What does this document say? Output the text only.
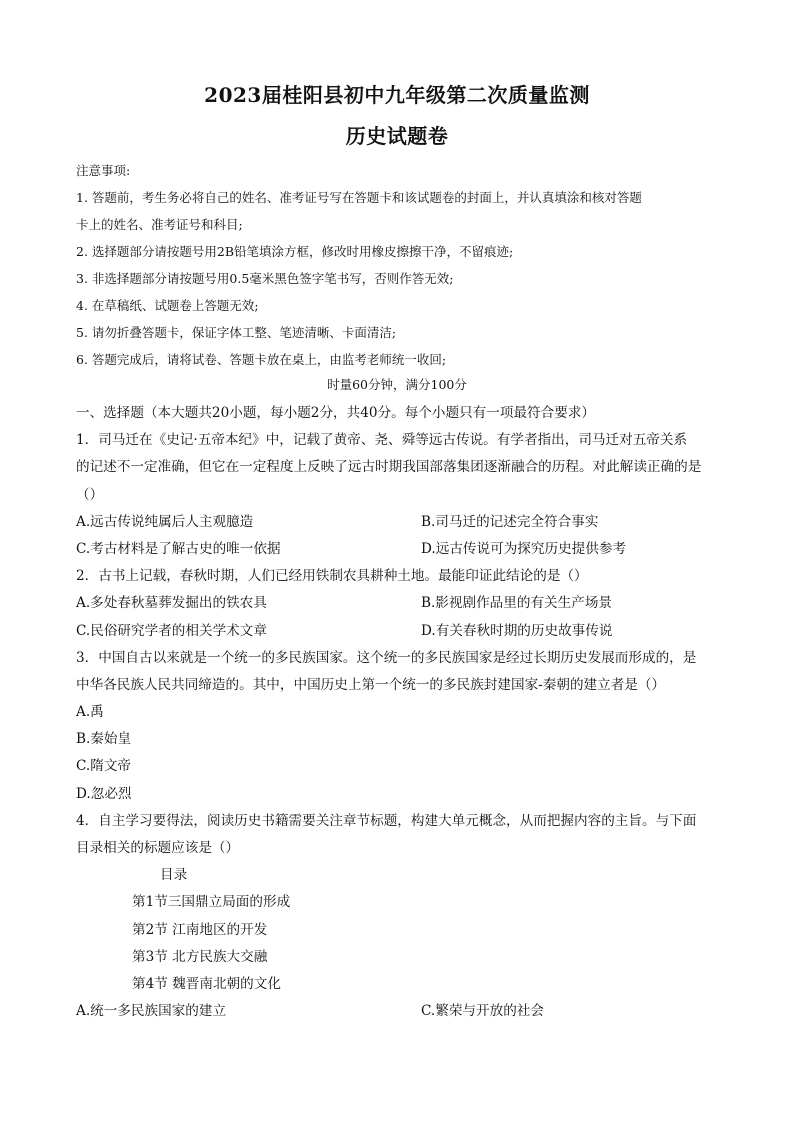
2023届桂阳县初中九年级第二次质量监测
历史试题卷
注意事项:
1. 答题前，考生务必将自己的姓名、准考证号写在答题卡和该试题卷的封面上，并认真填涂和核对答题
卡上的姓名、准考证号和科目;
2. 选择题部分请按题号用2B铅笔填涂方框，修改时用橡皮擦擦干净，不留痕迹;
3. 非选择题部分请按题号用0.5毫米黑色签字笔书写，否则作答无效;
4. 在草稿纸、试题卷上答题无效;
5. 请勿折叠答题卡，保证字体工整、笔迹清晰、卡面清洁;
6. 答题完成后，请将试卷、答题卡放在桌上，由监考老师统一收回;
时量60分钟，满分100分
一、选择题（本大题共20小题，每小题2分，共40分。每个小题只有一项最符合要求）
1．司马迁在《史记·五帝本纪》中，记载了黄帝、尧、舜等远古传说。有学者指出，司马迁对五帝关系
的记述不一定准确，但它在一定程度上反映了远古时期我国部落集团逐渐融合的历程。对此解读正确的是
（）
A.远古传说纯属后人主观臆造	B.司马迁的记述完全符合事实
C.考古材料是了解古史的唯一依据	D.远古传说可为探究历史提供参考
2．古书上记载，春秋时期，人们已经用铁制农具耕种土地。最能印证此结论的是（）
A.多处春秋墓葬发掘出的铁农具	B.影视剧作品里的有关生产场景
C.民俗研究学者的相关学术文章	D.有关春秋时期的历史故事传说
3．中国自古以来就是一个统一的多民族国家。这个统一的多民族国家是经过长期历史发展而形成的，是
中华各民族人民共同缔造的。其中，中国历史上第一个统一的多民族封建国家-秦朝的建立者是（）
A.禹
B.秦始皇
C.隋文帝
D.忽必烈
4．自主学习要得法，阅读历史书籍需要关注章节标题，构建大单元概念，从而把握内容的主旨。与下面
目录相关的标题应该是（）
目录
第1节三国鼎立局面的形成
第2节 江南地区的开发
第3节 北方民族大交融
第4节 魏晋南北朝的文化
A.统一多民族国家的建立	C.繁荣与开放的社会
